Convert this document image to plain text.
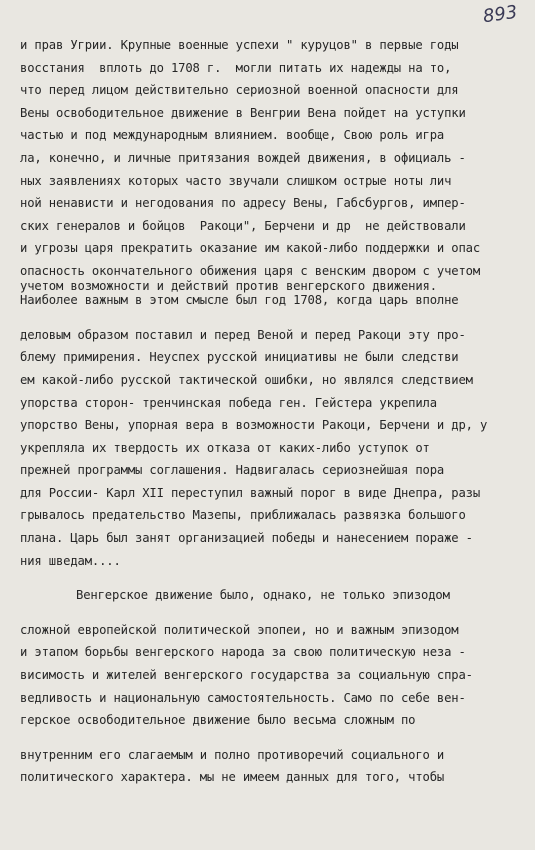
893
и прав Угрии. Крупные военные успехи " куруцов" в первые годы
восстания  вплоть до 1708 г.  могли питать их надежды на то,
что перед лицом действительно сериозной военной опасности для
Вены освободительное движение в Венгрии Вена пойдет на уступки
частью и под международным влиянием. вообще, Свою роль игра
ла, конечно, и личные притязания вождей движения, в официаль -
ных заявлениях которых часто звучали слишком острые ноты лич
ной ненависти и негодования по адресу Вены, Габсбургов, импер-
ских генералов и бойцов  Ракоци", Берчени и др  не действовали
и угрозы царя прекратить оказание им какой-либо поддержки и опас
опасность окончательного обижения царя с венским двором с учетом
учетом возможности и действий против венгерского движения.
Наиболее важным в этом смысле был год 1708, когда царь вполне
деловым образом поставил и перед Веной и перед Ракоци эту про-
блему примирения. Неуспех русской инициативы не были следстви
ем какой-либо русской тактической ошибки, но являлся следствием
упорства сторон- тренчинская победа ген. Гейстера укрепила
упорство Вены, упорная вера в возможности Ракоци, Берчени и др, у
укрепляла их твердость их отказа от каких-либо уступок от
прежней программы соглашения. Надвигалась сериознейшая пора
для России- Карл XII переступил важный порог в виде Днепра, разы
грывалось предательство Мазепы, приближалась развязка большого
плана. Царь был занят организацией победы и нанесением пораже -
ния шведам....
Венгерское движение было, однако, не только эпизодом
сложной европейской политической эпопеи, но и важным эпизодом
и этапом борьбы венгерского народа за свою политическую неза -
висимость и жителей венгерского государства за социальную спра-
ведливость и национальную самостоятельность. Само по себе вен-
герское освободительное движение было весьма сложным по
внутренним его слагаемым и полно противоречий социального и
политического характера. мы не имеем данных для того, чтобы
